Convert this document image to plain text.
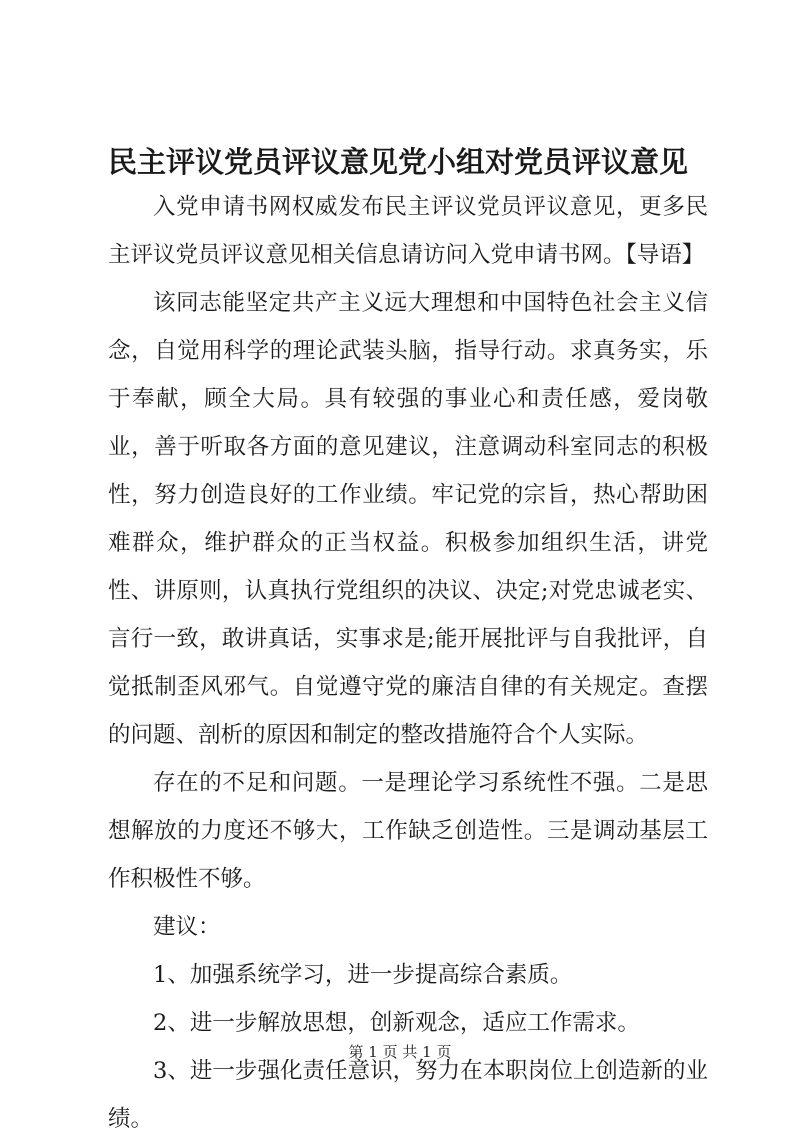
民主评议党员评议意见党小组对党员评议意见

入党申请书网权威发布民主评议党员评议意见，更多民主评议党员评议意见相关信息请访问入党申请书网。【导语】

该同志能坚定共产主义远大理想和中国特色社会主义信念，自觉用科学的理论武装头脑，指导行动。求真务实，乐于奉献，顾全大局。具有较强的事业心和责任感，爱岗敬业，善于听取各方面的意见建议，注意调动科室同志的积极性，努力创造良好的工作业绩。牢记党的宗旨，热心帮助困难群众，维护群众的正当权益。积极参加组织生活，讲党性、讲原则，认真执行党组织的决议、决定;对党忠诚老实、言行一致，敢讲真话，实事求是;能开展批评与自我批评，自觉抵制歪风邪气。自觉遵守党的廉洁自律的有关规定。查摆的问题、剖析的原因和制定的整改措施符合个人实际。

存在的不足和问题。一是理论学习系统性不强。二是思想解放的力度还不够大，工作缺乏创造性。三是调动基层工作积极性不够。

建议：

1、加强系统学习，进一步提高综合素质。

2、进一步解放思想，创新观念，适应工作需求。

3、进一步强化责任意识，努力在本职岗位上创造新的业绩。

第 1 页 共 1 页
